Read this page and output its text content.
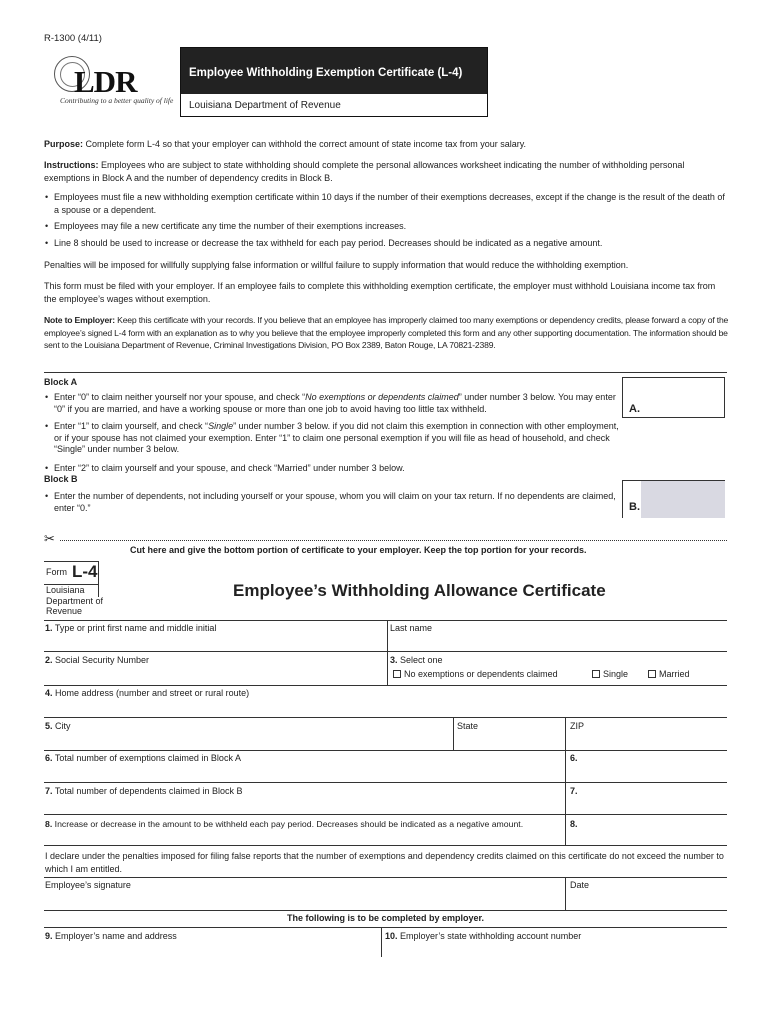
R-1300 (4/11)
LDR
Contributing to a better quality of life
Employee Withholding Exemption Certificate (L-4)
Louisiana Department of Revenue
Purpose: Complete form L-4 so that your employer can withhold the correct amount of state income tax from your salary.
Instructions: Employees who are subject to state withholding should complete the personal allowances worksheet indicating the number of withholding personal exemptions in Block A and the number of dependency credits in Block B.
• Employees must file a new withholding exemption certificate within 10 days if the number of their exemptions decreases, except if the change is the result of the death of a spouse or a dependent.
• Employees may file a new certificate any time the number of their exemptions increases.
• Line 8 should be used to increase or decrease the tax withheld for each pay period. Decreases should be indicated as a negative amount.
Penalties will be imposed for willfully supplying false information or willful failure to supply information that would reduce the withholding exemption.
This form must be filed with your employer. If an employee fails to complete this withholding exemption certificate, the employer must withhold Louisiana income tax from the employee’s wages without exemption.
Note to Employer: Keep this certificate with your records. If you believe that an employee has improperly claimed too many exemptions or dependency credits, please forward a copy of the employee’s signed L-4 form with an explanation as to why you believe that the employee improperly completed this form and any other supporting documentation. The information should be sent to the Louisiana Department of Revenue, Criminal Investigations Division, PO Box 2389, Baton Rouge, LA 70821-2389.
Block A
• Enter “0” to claim neither yourself nor your spouse, and check “No exemptions or dependents claimed” under number 3 below. You may enter “0” if you are married, and have a working spouse or more than one job to avoid having too little tax withheld.
• Enter “1” to claim yourself, and check “Single” under number 3 below. if you did not claim this exemption in connection with other employment, or if your spouse has not claimed your exemption. Enter “1” to claim one personal exemption if you will file as head of household, and check “Single” under number 3 below.
• Enter “2” to claim yourself and your spouse, and check “Married” under number 3 below.
Block B
• Enter the number of dependents, not including yourself or your spouse, whom you will claim on your tax return. If no dependents are claimed, enter “0.”
A.
B.
✂
Cut here and give the bottom portion of certificate to your employer. Keep the top portion for your records.
Form L-4
Louisiana Department of Revenue
Employee’s Withholding Allowance Certificate
1. Type or print first name and middle initial	Last name
2. Social Security Number	3. Select one
No exemptions or dependents claimed	Single	Married
4. Home address (number and street or rural route)
5. City	State	ZIP
6. Total number of exemptions claimed in Block A	6.
7. Total number of dependents claimed in Block B	7.
8. Increase or decrease in the amount to be withheld each pay period. Decreases should be indicated as a negative amount.	8.
I declare under the penalties imposed for filing false reports that the number of exemptions and dependency credits claimed on this certificate do not exceed the number to which I am entitled.
Employee’s signature	Date
The following is to be completed by employer.
9. Employer’s name and address	10. Employer’s state withholding account number
